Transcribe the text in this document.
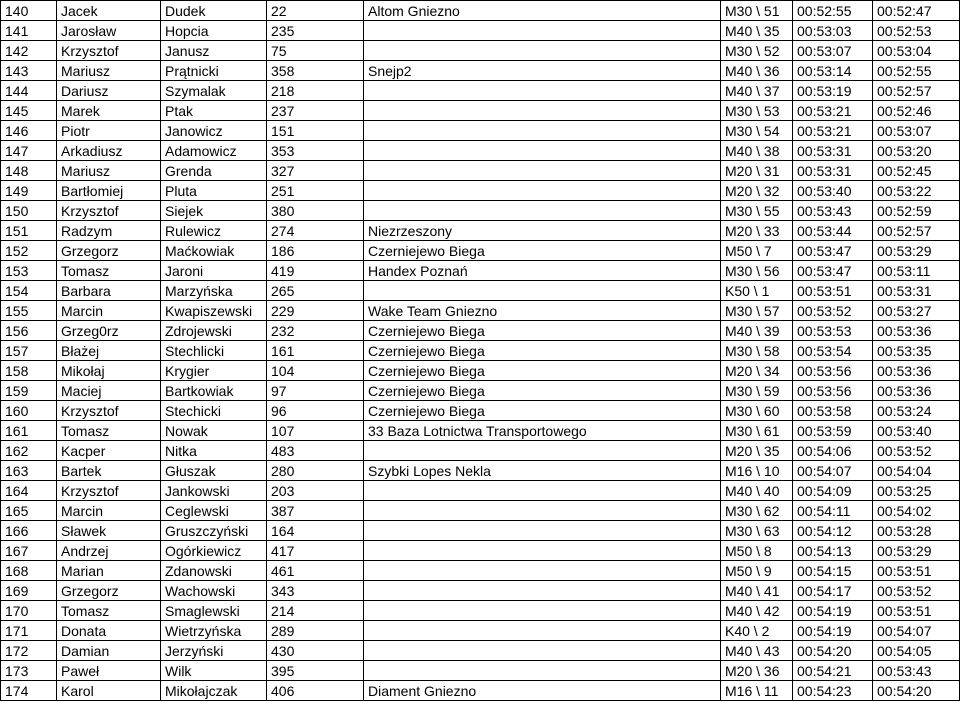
140	Jacek	Dudek	22	Altom Gniezno	M30 \ 51	00:52:55	00:52:47
141	Jarosław	Hopcia	235		M40 \ 35	00:53:03	00:52:53
142	Krzysztof	Janusz	75		M30 \ 52	00:53:07	00:53:04
143	Mariusz	Prątnicki	358	Snejp2	M40 \ 36	00:53:14	00:52:55
144	Dariusz	Szymalak	218		M40 \ 37	00:53:19	00:52:57
145	Marek	Ptak	237		M30 \ 53	00:53:21	00:52:46
146	Piotr	Janowicz	151		M30 \ 54	00:53:21	00:53:07
147	Arkadiusz	Adamowicz	353		M40 \ 38	00:53:31	00:53:20
148	Mariusz	Grenda	327		M20 \ 31	00:53:31	00:52:45
149	Bartłomiej	Pluta	251		M20 \ 32	00:53:40	00:53:22
150	Krzysztof	Siejek	380		M30 \ 55	00:53:43	00:52:59
151	Radzym	Rulewicz	274	Niezrzeszony	M20 \ 33	00:53:44	00:52:57
152	Grzegorz	Maćkowiak	186	Czerniejewo Biega	M50 \ 7	00:53:47	00:53:29
153	Tomasz	Jaroni	419	Handex Poznań	M30 \ 56	00:53:47	00:53:11
154	Barbara	Marzyńska	265		K50 \ 1	00:53:51	00:53:31
155	Marcin	Kwapiszewski	229	Wake Team Gniezno	M30 \ 57	00:53:52	00:53:27
156	Grzeg0rz	Zdrojewski	232	Czerniejewo Biega	M40 \ 39	00:53:53	00:53:36
157	Błażej	Stechlicki	161	Czerniejewo Biega	M30 \ 58	00:53:54	00:53:35
158	Mikołaj	Krygier	104	Czerniejewo Biega	M20 \ 34	00:53:56	00:53:36
159	Maciej	Bartkowiak	97	Czerniejewo Biega	M30 \ 59	00:53:56	00:53:36
160	Krzysztof	Stechicki	96	Czerniejewo Biega	M30 \ 60	00:53:58	00:53:24
161	Tomasz	Nowak	107	33 Baza Lotnictwa Transportowego	M30 \ 61	00:53:59	00:53:40
162	Kacper	Nitka	483		M20 \ 35	00:54:06	00:53:52
163	Bartek	Głuszak	280	Szybki Lopes Nekla	M16 \ 10	00:54:07	00:54:04
164	Krzysztof	Jankowski	203		M40 \ 40	00:54:09	00:53:25
165	Marcin	Ceglewski	387		M30 \ 62	00:54:11	00:54:02
166	Sławek	Gruszczyński	164		M30 \ 63	00:54:12	00:53:28
167	Andrzej	Ogórkiewicz	417		M50 \ 8	00:54:13	00:53:29
168	Marian	Zdanowski	461		M50 \ 9	00:54:15	00:53:51
169	Grzegorz	Wachowski	343		M40 \ 41	00:54:17	00:53:52
170	Tomasz	Smaglewski	214		M40 \ 42	00:54:19	00:53:51
171	Donata	Wietrzyńska	289		K40 \ 2	00:54:19	00:54:07
172	Damian	Jerzyński	430		M40 \ 43	00:54:20	00:54:05
173	Paweł	Wilk	395		M20 \ 36	00:54:21	00:53:43
174	Karol	Mikołajczak	406	Diament Gniezno	M16 \ 11	00:54:23	00:54:20
